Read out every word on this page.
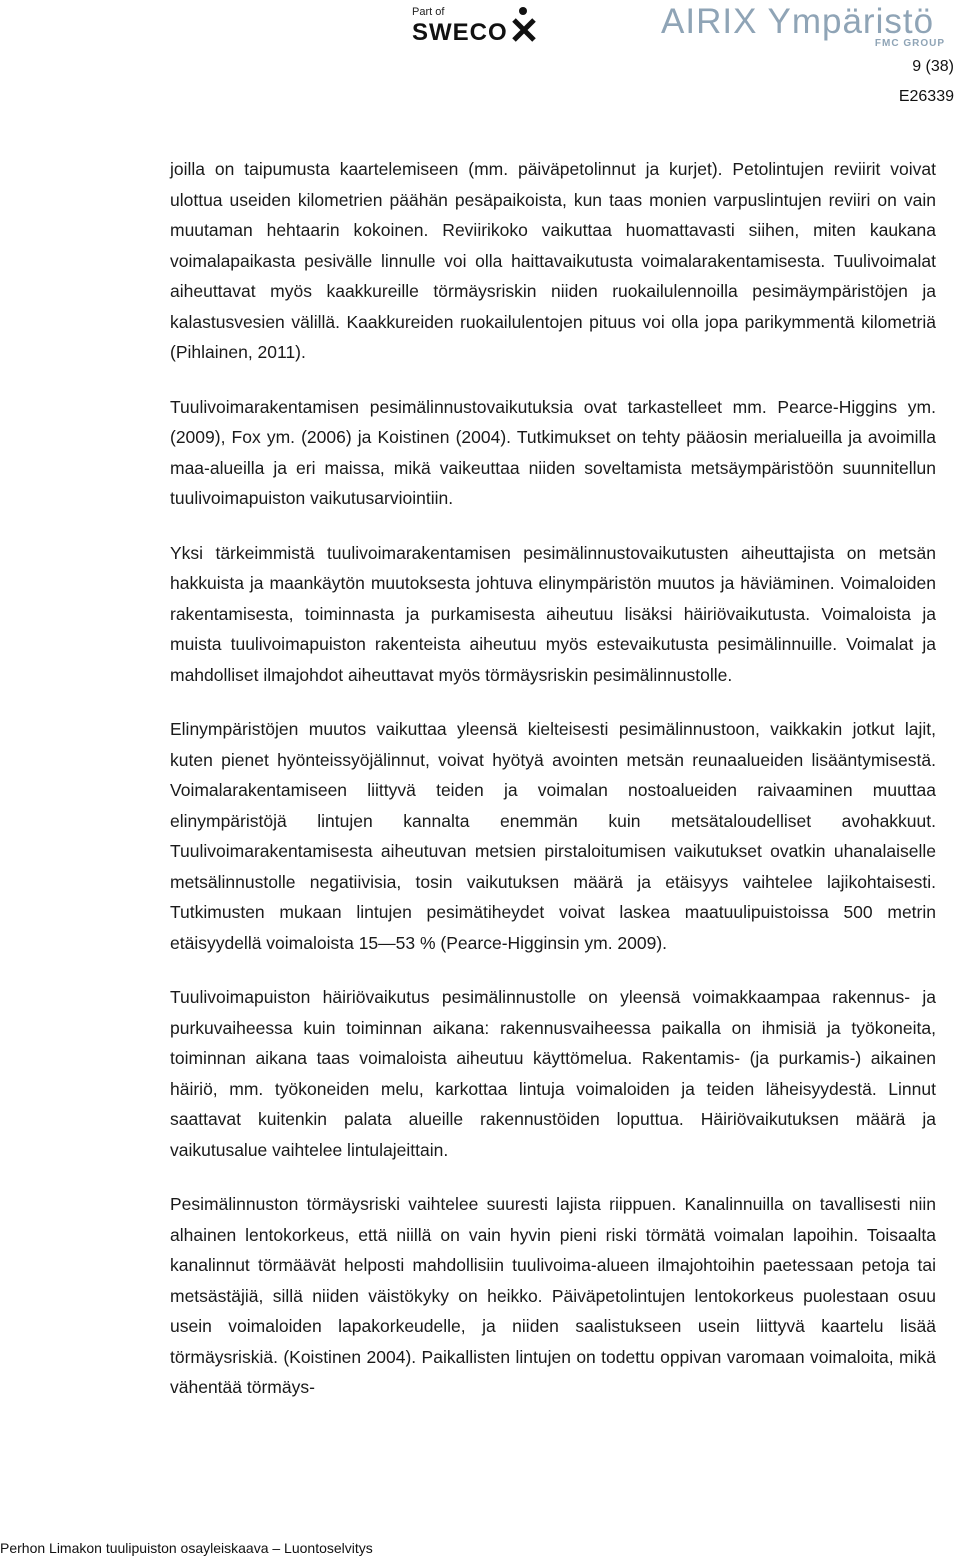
Part of
SWECO	AIRIX Ympäristö
FMC GROUP
9 (38)
E26339

joilla on taipumusta kaartelemiseen (mm. päiväpetolinnut ja kurjet). Petolintujen reviirit voivat ulottua useiden kilometrien päähän pesäpaikoista, kun taas monien varpuslintujen reviiri on vain muutaman hehtaarin kokoinen. Reviirikoko vaikuttaa huomattavasti siihen, miten kaukana voimalapaikasta pesivälle linnulle voi olla haittavaikutusta voimalarakentamisesta. Tuulivoimalat aiheuttavat myös kaakkureille törmäysriskin niiden ruokailulennoilla pesimäympäristöjen ja kalastusvesien välillä. Kaakkureiden ruokailulentojen pituus voi olla jopa parikymmentä kilometriä (Pihlainen, 2011).

Tuulivoimarakentamisen pesimälinnustovaikutuksia ovat tarkastelleet mm. Pearce-Higgins ym. (2009), Fox ym. (2006) ja Koistinen (2004). Tutkimukset on tehty pääosin merialueilla ja avoimilla maa-alueilla ja eri maissa, mikä vaikeuttaa niiden soveltamista metsäympäristöön suunnitellun tuulivoimapuiston vaikutusarviointiin.

Yksi tärkeimmistä tuulivoimarakentamisen pesimälinnustovaikutusten aiheuttajista on metsän hakkuista ja maankäytön muutoksesta johtuva elinympäristön muutos ja häviäminen. Voimaloiden rakentamisesta, toiminnasta ja purkamisesta aiheutuu lisäksi häiriövaikutusta. Voimaloista ja muista tuulivoimapuiston rakenteista aiheutuu myös estevaikutusta pesimälinnuille. Voimalat ja mahdolliset ilmajohdot aiheuttavat myös törmäysriskin pesimälinnustolle.

Elinympäristöjen muutos vaikuttaa yleensä kielteisesti pesimälinnustoon, vaikkakin jotkut lajit, kuten pienet hyönteissyöjälinnut, voivat hyötyä avointen metsän reunaalueiden lisääntymisestä. Voimalarakentamiseen liittyvä teiden ja voimalan nostoalueiden raivaaminen muuttaa elinympäristöjä lintujen kannalta enemmän kuin metsätaloudelliset avohakkuut. Tuulivoimarakentamisesta aiheutuvan metsien pirstaloitumisen vaikutukset ovatkin uhanalaiselle metsälinnustolle negatiivisia, tosin vaikutuksen määrä ja etäisyys vaihtelee lajikohtaisesti. Tutkimusten mukaan lintujen pesimätiheydet voivat laskea maatuulipuistoissa 500 metrin etäisyydellä voimaloista 15—53 % (Pearce-Higginsin ym. 2009).

Tuulivoimapuiston häiriövaikutus pesimälinnustolle on yleensä voimakkaampaa rakennus- ja purkuvaiheessa kuin toiminnan aikana: rakennusvaiheessa paikalla on ihmisiä ja työkoneita, toiminnan aikana taas voimaloista aiheutuu käyttömelua. Rakentamis- (ja purkamis-) aikainen häiriö, mm. työkoneiden melu, karkottaa lintuja voimaloiden ja teiden läheisyydestä. Linnut saattavat kuitenkin palata alueille rakennustöiden loputtua. Häiriövaikutuksen määrä ja vaikutusalue vaihtelee lintulajeittain.

Pesimälinnuston törmäysriski vaihtelee suuresti lajista riippuen. Kanalinnuilla on tavallisesti niin alhainen lentokorkeus, että niillä on vain hyvin pieni riski törmätä voimalan lapoihin. Toisaalta kanalinnut törmäävät helposti mahdollisiin tuulivoima-alueen ilmajohtoihin paetessaan petoja tai metsästäjiä, sillä niiden väistökyky on heikko. Päiväpetolintujen lentokorkeus puolestaan osuu usein voimaloiden lapakorkeudelle, ja niiden saalistukseen usein liittyvä kaartelu lisää törmäysriskiä. (Koistinen 2004). Paikallisten lintujen on todettu oppivan varomaan voimaloita, mikä vähentää törmäys-

Perhon Limakon tuulipuiston osayleiskaava – Luontoselvitys
